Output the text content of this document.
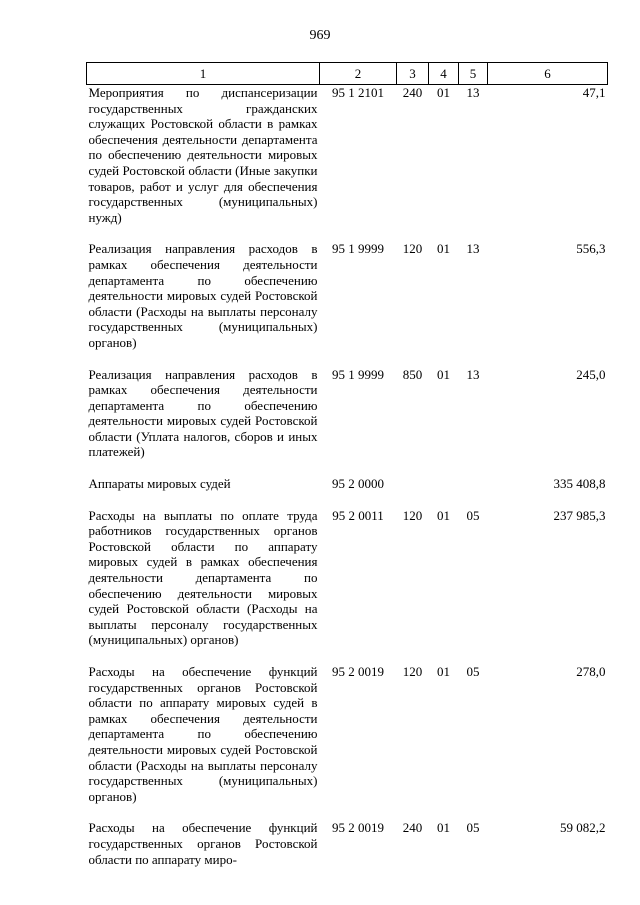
969
1	2	3	4	5	6
Мероприятия по диспансеризации государственных гражданских служащих Ростовской области в рамках обеспечения деятельности департамента по обеспечению деятельности мировых судей Ростовской области (Иные закупки товаров, работ и услуг для обеспечения государственных (муниципальных) нужд)	95 1 2101	240	01	13	47,1

Реализация направления расходов в рамках обеспечения деятельности департамента по обеспечению деятельности мировых судей Ростовской области (Расходы на выплаты персоналу государственных (муниципальных) органов)	95 1 9999	120	01	13	556,3

Реализация направления расходов в рамках обеспечения деятельности департамента по обеспечению деятельности мировых судей Ростовской области (Уплата налогов, сборов и иных платежей)	95 1 9999	850	01	13	245,0

Аппараты мировых судей	95 2 0000				335 408,8

Расходы на выплаты по оплате труда работников государственных органов Ростовской области по аппарату мировых судей в рамках обеспечения деятельности департамента по обеспечению деятельности мировых судей Ростовской области (Расходы на выплаты персоналу государственных (муниципальных) органов)	95 2 0011	120	01	05	237 985,3

Расходы на обеспечение функций государственных органов Ростовской области по аппарату мировых судей в рамках обеспечения деятельности департамента по обеспечению деятельности мировых судей Ростовской области (Расходы на выплаты персоналу государственных (муниципальных) органов)	95 2 0019	120	01	05	278,0

Расходы на обеспечение функций государственных органов Ростовской области по аппарату миро-	95 2 0019	240	01	05	59 082,2
